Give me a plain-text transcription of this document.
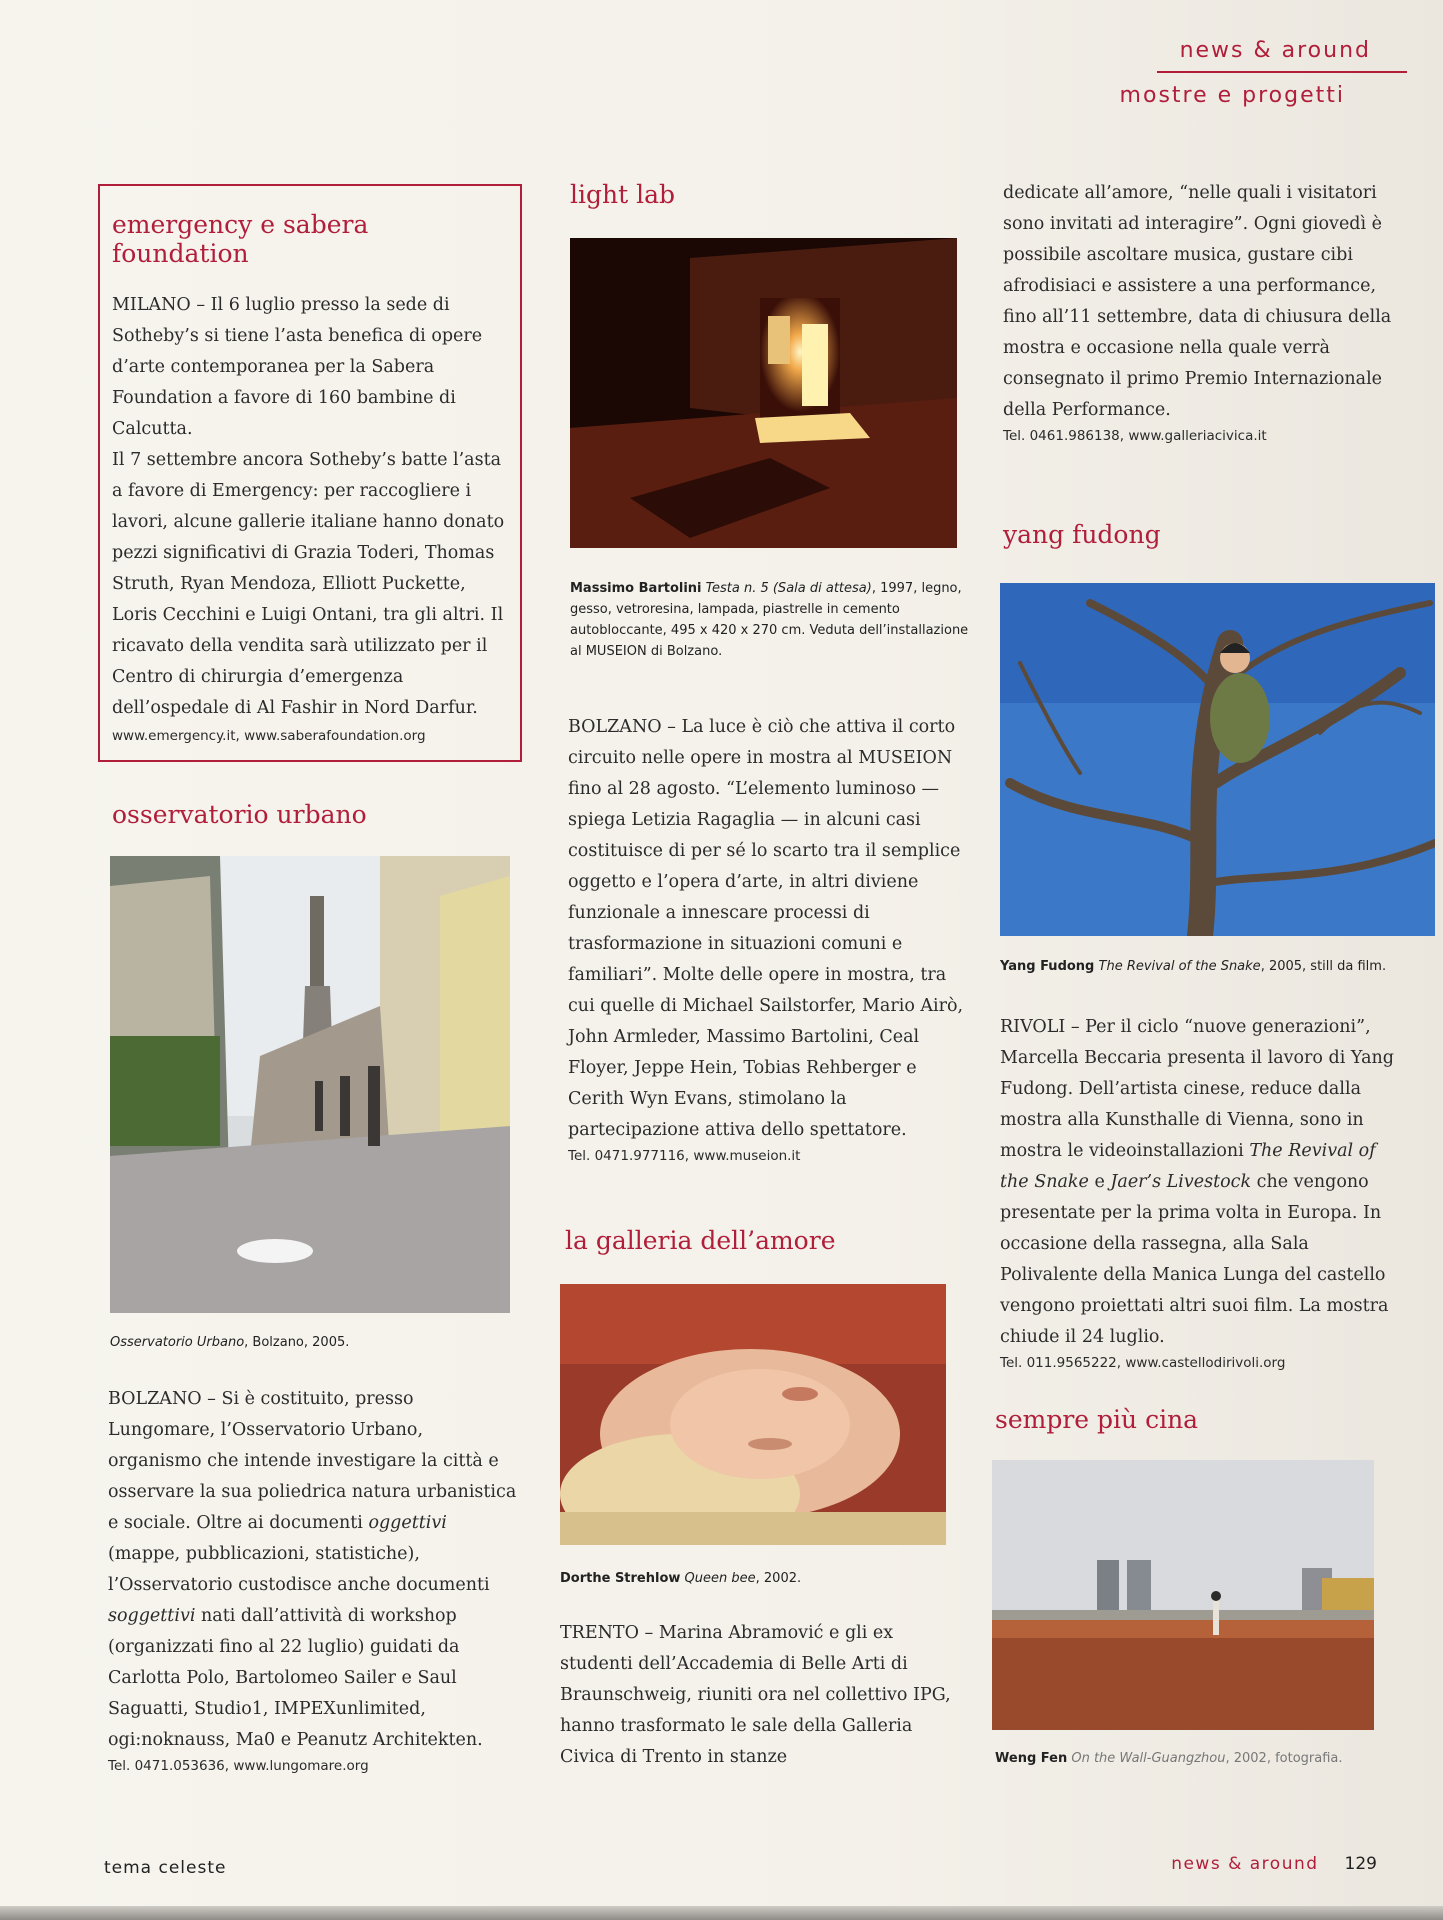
news & around
mostre e progetti
emergency e sabera foundation

MILANO – Il 6 luglio presso la sede di Sotheby’s si tiene l’asta benefica di opere d’arte contemporanea per la Sabera Foundation a favore di 160 bambine di Calcutta.

Il 7 settembre ancora Sotheby’s batte l’asta a favore di Emergency: per raccogliere i lavori, alcune gallerie italiane hanno donato pezzi significativi di Grazia Toderi, Thomas Struth, Ryan Mendoza, Elliott Puckette, Loris Cecchini e Luigi Ontani, tra gli altri. Il ricavato della vendita sarà utilizzato per il Centro di chirurgia d’emergenza dell’ospedale di Al Fashir in Nord Darfur.

www.emergency.it, www.saberafoundation.org

osservatorio urbano

Osservatorio Urbano, Bolzano, 2005.

BOLZANO – Si è costituito, presso Lungomare, l’Osservatorio Urbano, organismo che intende investigare la città e osservare la sua poliedrica natura urbanistica e sociale. Oltre ai documenti oggettivi (mappe, pubblicazioni, statistiche), l’Osservatorio custodisce anche documenti soggettivi nati dall’attività di workshop (organizzati fino al 22 luglio) guidati da Carlotta Polo, Bartolomeo Sailer e Saul Saguatti, Studio1, IMPEXunlimited, ogi:noknauss, Ma0 e Peanutz Architekten.

Tel. 0471.053636, www.lungomare.org

light lab

Massimo Bartolini Testa n. 5 (Sala di attesa), 1997, legno, gesso, vetroresina, lampada, piastrelle in cemento autobloccante, 495 x 420 x 270 cm. Veduta dell’installazione al MUSEION di Bolzano.

BOLZANO – La luce è ciò che attiva il corto circuito nelle opere in mostra al MUSEION fino al 28 agosto. “L’elemento luminoso — spiega Letizia Ragaglia — in alcuni casi costituisce di per sé lo scarto tra il semplice oggetto e l’opera d’arte, in altri diviene funzionale a innescare processi di trasformazione in situazioni comuni e familiari”. Molte delle opere in mostra, tra cui quelle di Michael Sailstorfer, Mario Airò, John Armleder, Massimo Bartolini, Ceal Floyer, Jeppe Hein, Tobias Rehberger e Cerith Wyn Evans, stimolano la partecipazione attiva dello spettatore.

Tel. 0471.977116, www.museion.it

la galleria dell’amore

Dorthe Strehlow Queen bee, 2002.

TRENTO – Marina Abramović e gli ex studenti dell’Accademia di Belle Arti di Braunschweig, riuniti ora nel collettivo IPG, hanno trasformato le sale della Galleria Civica di Trento in stanze

dedicate all’amore, “nelle quali i visitatori sono invitati ad interagire”. Ogni giovedì è possibile ascoltare musica, gustare cibi afrodisiaci e assistere a una performance, fino all’11 settembre, data di chiusura della mostra e occasione nella quale verrà consegnato il primo Premio Internazionale della Performance.

Tel. 0461.986138, www.galleriacivica.it

yang fudong

Yang Fudong The Revival of the Snake, 2005, still da film.

RIVOLI – Per il ciclo “nuove generazioni”, Marcella Beccaria presenta il lavoro di Yang Fudong. Dell’artista cinese, reduce dalla mostra alla Kunsthalle di Vienna, sono in mostra le videoinstallazioni The Revival of the Snake e Jaer’s Livestock che vengono presentate per la prima volta in Europa. In occasione della rassegna, alla Sala Polivalente della Manica Lunga del castello vengono proiettati altri suoi film. La mostra chiude il 24 luglio.

Tel. 011.9565222, www.castellodirivoli.org

sempre più cina

Weng Fen On the Wall-Guangzhou, 2002, fotografia.

tema celeste	news & around 129
